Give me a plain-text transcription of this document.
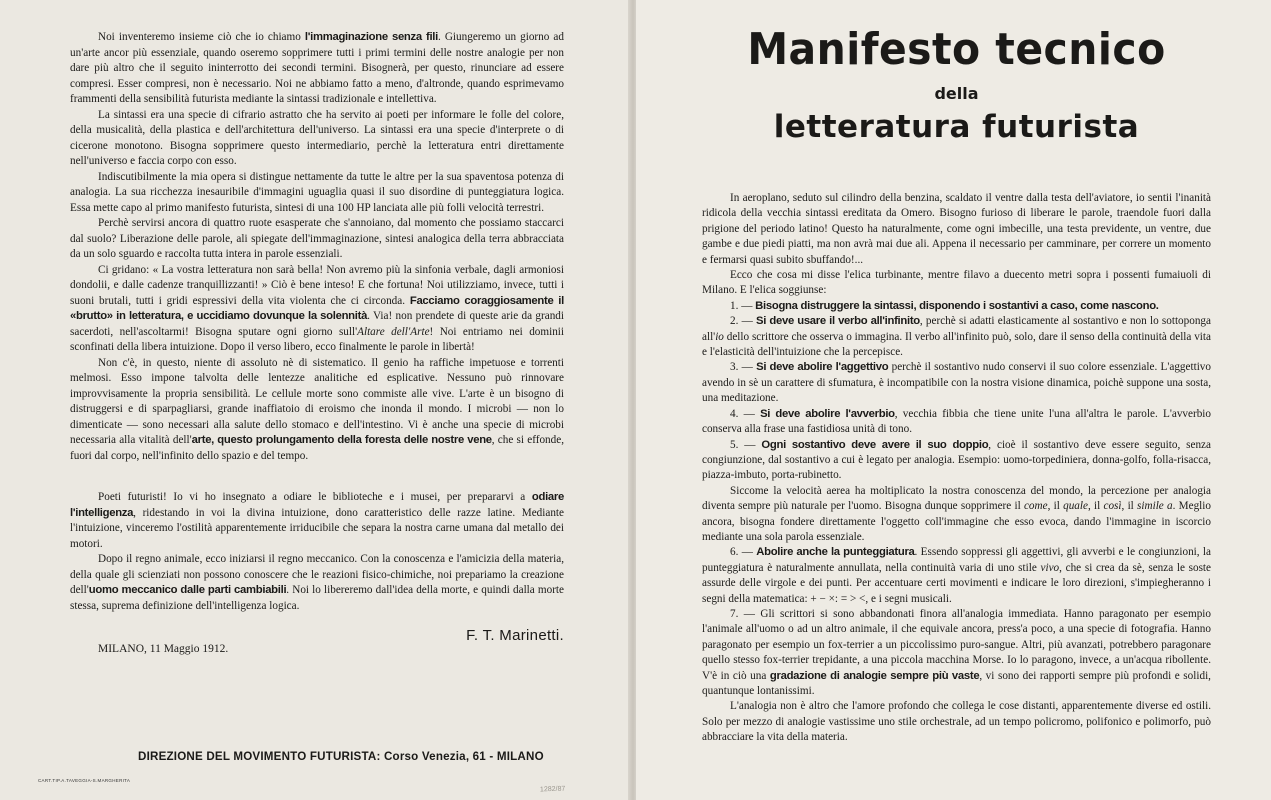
Noi inventeremo insieme ciò che io chiamo l'immaginazione senza fili. Giungeremo un giorno ad un'arte ancor più essenziale, quando oseremo sopprimere tutti i primi termini delle nostre analogie per non dare più altro che il seguito ininterrotto dei secondi termini. Bisognerà, per questo, rinunciare ad essere compresi. Esser compresi, non è necessario. Noi ne abbiamo fatto a meno, d'altronde, quando esprimevamo frammenti della sensibilità futurista mediante la sintassi tradizionale e intellettiva.

La sintassi era una specie di cifrario astratto che ha servito ai poeti per informare le folle del colore, della musicalità, della plastica e dell'architettura dell'universo. La sintassi era una specie d'interprete o di cicerone monotono. Bisogna sopprimere questo intermediario, perchè la letteratura entri direttamente nell'universo e faccia corpo con esso.

Indiscutibilmente la mia opera si distingue nettamente da tutte le altre per la sua spaventosa potenza di analogia. La sua ricchezza inesauribile d'immagini uguaglia quasi il suo disordine di punteggiatura logica. Essa mette capo al primo manifesto futurista, sintesi di una 100 HP lanciata alle più folli velocità terrestri.

Perchè servirsi ancora di quattro ruote esasperate che s'annoiano, dal momento che possiamo staccarci dal suolo? Liberazione delle parole, ali spiegate dell'immaginazione, sintesi analogica della terra abbracciata da un solo sguardo e raccolta tutta intera in parole essenziali.

Ci gridano: « La vostra letteratura non sarà bella! Non avremo più la sinfonia verbale, dagli armoniosi dondolii, e dalle cadenze tranquillizzanti! » Ciò è bene inteso! E che fortuna! Noi utilizziamo, invece, tutti i suoni brutali, tutti i gridi espressivi della vita violenta che ci circonda. Facciamo coraggiosamente il «brutto» in letteratura, e uccidiamo dovunque la solennità. Via! non prendete di queste arie da grandi sacerdoti, nell'ascoltarmi! Bisogna sputare ogni giorno sull'Altare dell'Arte! Noi entriamo nei dominii sconfinati della libera intuizione. Dopo il verso libero, ecco finalmente le parole in libertà!

Non c'è, in questo, niente di assoluto nè di sistematico. Il genio ha raffiche impetuose e torrenti melmosi. Esso impone talvolta delle lentezze analitiche ed esplicative. Nessuno può rinnovare improvvisamente la propria sensibilità. Le cellule morte sono commiste alle vive. L'arte è un bisogno di distruggersi e di sparpagliarsi, grande inaffiatoio di eroismo che inonda il mondo. I microbi — non lo dimenticate — sono necessari alla salute dello stomaco e dell'intestino. Vi è anche una specie di microbi necessaria alla vitalità dell'arte, questo prolungamento della foresta delle nostre vene, che si effonde, fuori dal corpo, nell'infinito dello spazio e del tempo.

Poeti futuristi! Io vi ho insegnato a odiare le biblioteche e i musei, per prepararvi a odiare l'intelligenza, ridestando in voi la divina intuizione, dono caratteristico delle razze latine. Mediante l'intuizione, vinceremo l'ostilità apparentemente irriducibile che separa la nostra carne umana dal metallo dei motori.

Dopo il regno animale, ecco iniziarsi il regno meccanico. Con la conoscenza e l'amicizia della materia, della quale gli scienziati non possono conoscere che le reazioni fisico-chimiche, noi prepariamo la creazione dell'uomo meccanico dalle parti cambiabili. Noi lo libereremo dall'idea della morte, e quindi dalla morte stessa, suprema definizione dell'intelligenza logica.

F. T. Marinetti.

MILANO, 11 Maggio 1912.

DIREZIONE DEL MOVIMENTO FUTURISTA: Corso Venezia, 61 - MILANO
CART.TIP.A.TAVEGGIA-S.MARGHERITA
1282/87
Manifesto tecnico
della
letteratura futurista

In aeroplano, seduto sul cilindro della benzina, scaldato il ventre dalla testa dell'aviatore, io sentii l'inanità ridicola della vecchia sintassi ereditata da Omero. Bisogno furioso di liberare le parole, traendole fuori dalla prigione del periodo latino! Questo ha naturalmente, come ogni imbecille, una testa previdente, un ventre, due gambe e due piedi piatti, ma non avrà mai due ali. Appena il necessario per camminare, per correre un momento e fermarsi quasi subito sbuffando!...

Ecco che cosa mi disse l'elica turbinante, mentre filavo a duecento metri sopra i possenti fumaiuoli di Milano. E l'elica soggiunse:

1. — Bisogna distruggere la sintassi, disponendo i sostantivi a caso, come nascono.

2. — Si deve usare il verbo all'infinito, perchè si adatti elasticamente al sostantivo e non lo sottoponga all'io dello scrittore che osserva o immagina. Il verbo all'infinito può, solo, dare il senso della continuità della vita e l'elasticità dell'intuizione che la percepisce.

3. — Si deve abolire l'aggettivo perchè il sostantivo nudo conservi il suo colore essenziale. L'aggettivo avendo in sè un carattere di sfumatura, è incompatibile con la nostra visione dinamica, poichè suppone una sosta, una meditazione.

4. — Si deve abolire l'avverbio, vecchia fibbia che tiene unite l'una all'altra le parole. L'avverbio conserva alla frase una fastidiosa unità di tono.

5. — Ogni sostantivo deve avere il suo doppio, cioè il sostantivo deve essere seguito, senza congiunzione, dal sostantivo a cui è legato per analogia. Esempio: uomo-torpediniera, donna-golfo, folla-risacca, piazza-imbuto, porta-rubinetto.

Siccome la velocità aerea ha moltiplicato la nostra conoscenza del mondo, la percezione per analogia diventa sempre più naturale per l'uomo. Bisogna dunque sopprimere il come, il quale, il così, il simile a. Meglio ancora, bisogna fondere direttamente l'oggetto coll'immagine che esso evoca, dando l'immagine in iscorcio mediante una sola parola essenziale.

6. — Abolire anche la punteggiatura. Essendo soppressi gli aggettivi, gli avverbi e le congiunzioni, la punteggiatura è naturalmente annullata, nella continuità varia di uno stile vivo, che si crea da sè, senza le soste assurde delle virgole e dei punti. Per accentuare certi movimenti e indicare le loro direzioni, s'impiegheranno i segni della matematica: + − ×: = > <, e i segni musicali.

7. — Gli scrittori si sono abbandonati finora all'analogia immediata. Hanno paragonato per esempio l'animale all'uomo o ad un altro animale, il che equivale ancora, press'a poco, a una specie di fotografia. Hanno paragonato per esempio un fox-terrier a un piccolissimo puro-sangue. Altri, più avanzati, potrebbero paragonare quello stesso fox-terrier trepidante, a una piccola macchina Morse. Io lo paragono, invece, a un'acqua ribollente. V'è in ciò una gradazione di analogie sempre più vaste, vi sono dei rapporti sempre più profondi e solidi, quantunque lontanissimi.

L'analogia non è altro che l'amore profondo che collega le cose distanti, apparentemente diverse ed ostili. Solo per mezzo di analogie vastissime uno stile orchestrale, ad un tempo policromo, polifonico e polimorfo, può abbracciare la vita della materia.
